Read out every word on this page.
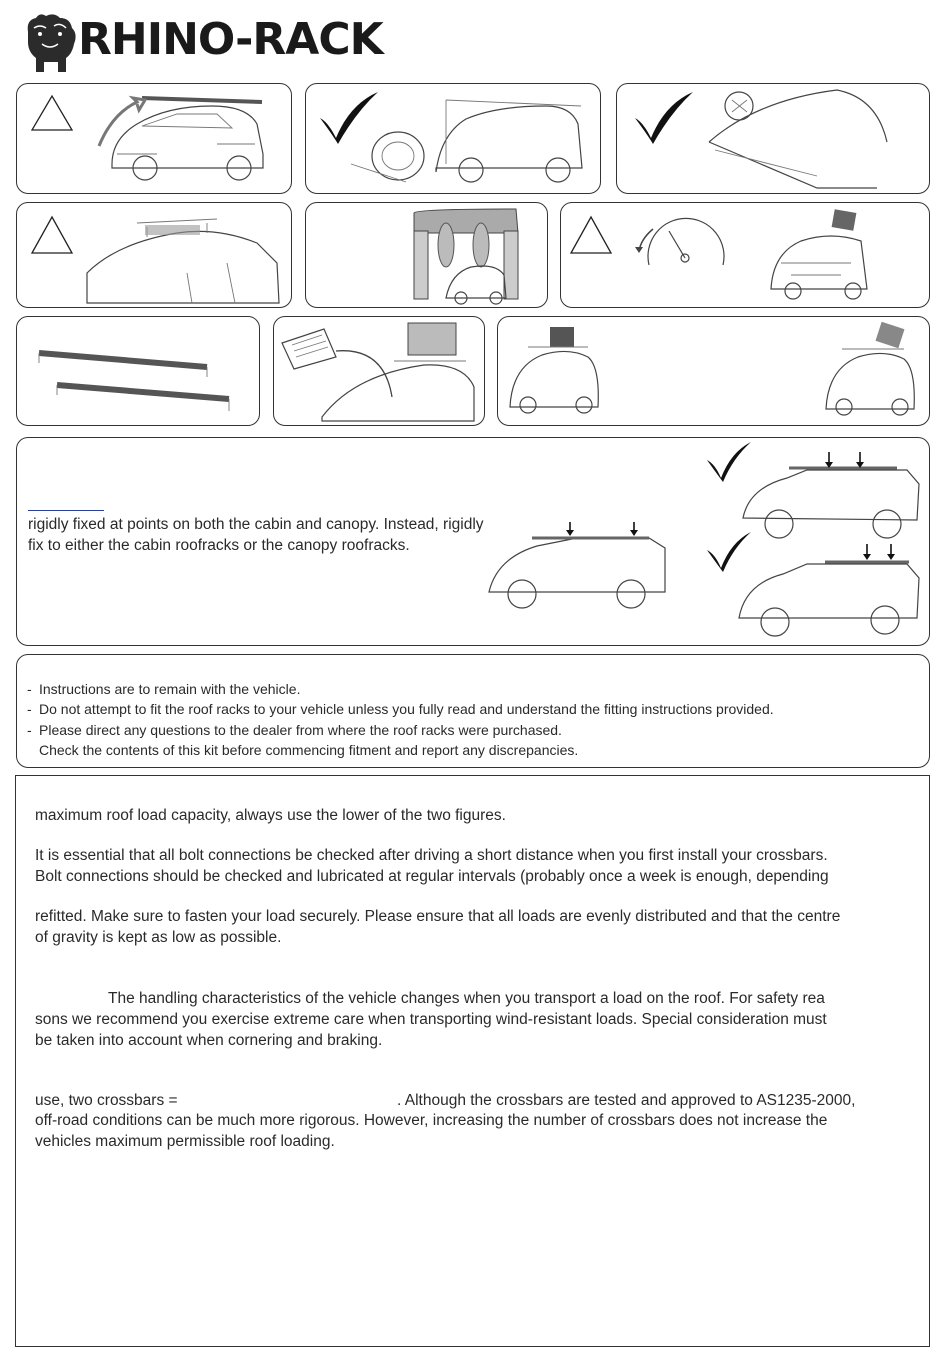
RHINO-RACK
rigidly fixed at points on both the cabin and canopy. Instead, rigidly
fix to either the cabin roofracks or the canopy roofracks.
- Instructions are to remain with the vehicle.
- Do not attempt to fit the roof racks to your vehicle unless you fully read and understand the fitting instructions provided.
- Please direct any questions to the dealer from where the roof racks were purchased.
Check the contents of this kit before commencing fitment and report any discrepancies.
maximum roof load capacity, always use the lower of the two figures.
It is essential that all bolt connections be checked after driving a short distance when you first install your crossbars.
Bolt connections should be checked and lubricated at regular intervals (probably once a week is enough, depending
refitted. Make sure to fasten your load securely. Please ensure that all loads are evenly distributed and that the centre
of gravity is kept as low as possible.
The handling characteristics of the vehicle changes when you transport a load on the roof. For safety rea
sons we recommend you exercise extreme care when transporting wind-resistant loads. Special consideration must
be taken into account when cornering and braking.
use, two crossbars =	. Although the crossbars are tested and approved to AS1235-2000,
off-road conditions can be much more rigorous. However, increasing the number of crossbars does not increase the
vehicles maximum permissible roof loading.
